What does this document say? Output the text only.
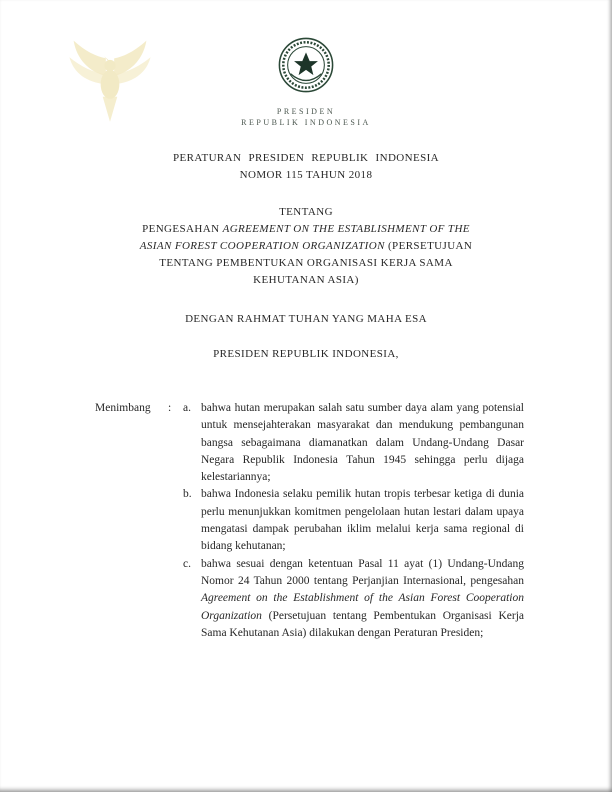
PRESIDEN
REPUBLIK INDONESIA
PERATURAN PRESIDEN REPUBLIK INDONESIA
NOMOR 115 TAHUN 2018
TENTANG
PENGESAHAN AGREEMENT ON THE ESTABLISHMENT OF THE ASIAN FOREST COOPERATION ORGANIZATION (PERSETUJUAN TENTANG PEMBENTUKAN ORGANISASI KERJA SAMA KEHUTANAN ASIA)
DENGAN RAHMAT TUHAN YANG MAHA ESA
PRESIDEN REPUBLIK INDONESIA,
Menimbang	:	a. bahwa hutan merupakan salah satu sumber daya alam yang potensial untuk mensejahterakan masyarakat dan mendukung pembangunan bangsa sebagaimana diamanatkan dalam Undang-Undang Dasar Negara Republik Indonesia Tahun 1945 sehingga perlu dijaga kelestariannya;
b. bahwa Indonesia selaku pemilik hutan tropis terbesar ketiga di dunia perlu menunjukkan komitmen pengelolaan hutan lestari dalam upaya mengatasi dampak perubahan iklim melalui kerja sama regional di bidang kehutanan;
c. bahwa sesuai dengan ketentuan Pasal 11 ayat (1) Undang-Undang Nomor 24 Tahun 2000 tentang Perjanjian Internasional, pengesahan Agreement on the Establishment of the Asian Forest Cooperation Organization (Persetujuan tentang Pembentukan Organisasi Kerja Sama Kehutanan Asia) dilakukan dengan Peraturan Presiden;
